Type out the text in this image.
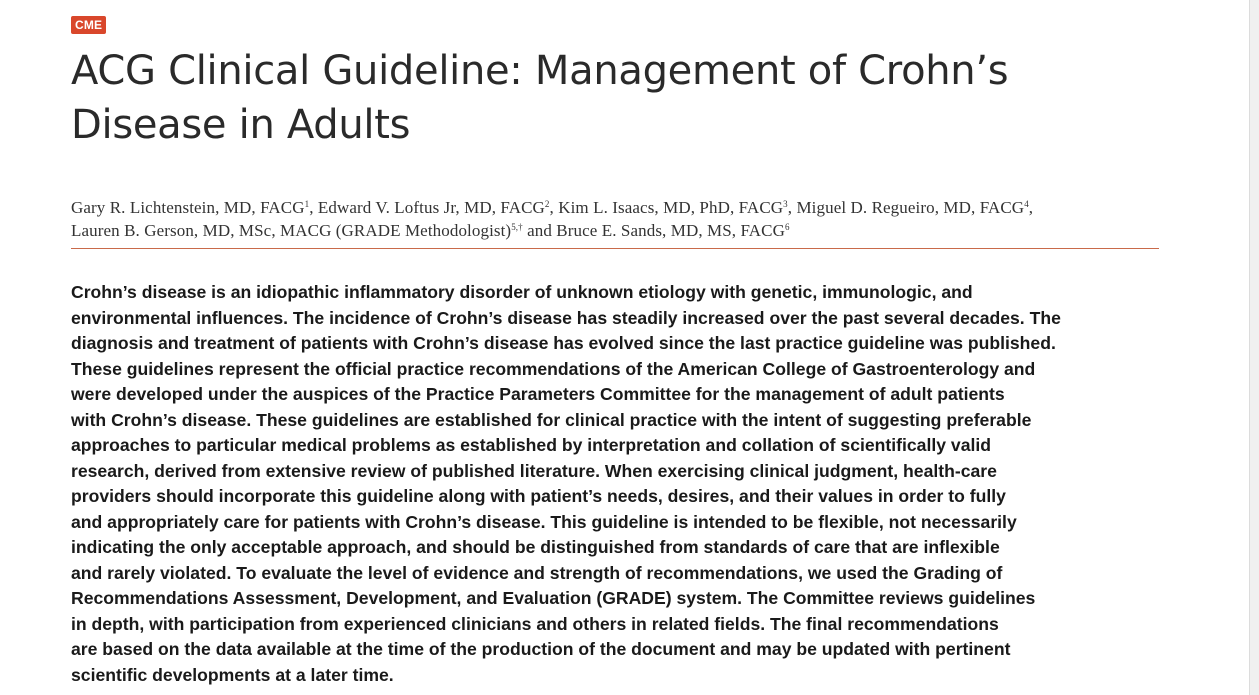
CME
ACG Clinical Guideline: Management of Crohn’s
Disease in Adults
Gary R. Lichtenstein, MD, FACG$^1$, Edward V. Loftus Jr, MD, FACG$^2$, Kim L. Isaacs, MD, PhD, FACG$^3$, Miguel D. Regueiro, MD, FACG$^4$,
Lauren B. Gerson, MD, MSc, MACG (GRADE Methodologist)$^{5,\dagger}$ and Bruce E. Sands, MD, MS, FACG$^6$
Crohn’s disease is an idiopathic inflammatory disorder of unknown etiology with genetic, immunologic, and
environmental influences. The incidence of Crohn’s disease has steadily increased over the past several decades. The
diagnosis and treatment of patients with Crohn’s disease has evolved since the last practice guideline was published.
These guidelines represent the official practice recommendations of the American College of Gastroenterology and
were developed under the auspices of the Practice Parameters Committee for the management of adult patients
with Crohn’s disease. These guidelines are established for clinical practice with the intent of suggesting preferable
approaches to particular medical problems as established by interpretation and collation of scientifically valid
research, derived from extensive review of published literature. When exercising clinical judgment, health-care
providers should incorporate this guideline along with patient’s needs, desires, and their values in order to fully
and appropriately care for patients with Crohn’s disease. This guideline is intended to be flexible, not necessarily
indicating the only acceptable approach, and should be distinguished from standards of care that are inflexible
and rarely violated. To evaluate the level of evidence and strength of recommendations, we used the Grading of
Recommendations Assessment, Development, and Evaluation (GRADE) system. The Committee reviews guidelines
in depth, with participation from experienced clinicians and others in related fields. The final recommendations
are based on the data available at the time of the production of the document and may be updated with pertinent
scientific developments at a later time.
